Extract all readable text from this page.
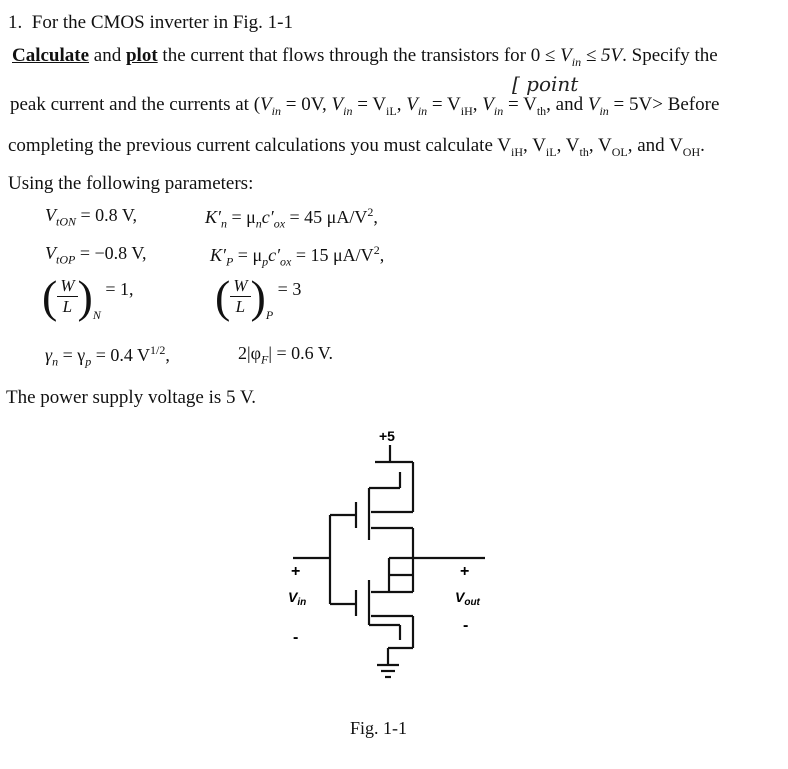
1. For the CMOS inverter in Fig. 1-1
Calculate and plot the current that flows through the transistors for $0 \le V_{in} \le 5V$. Specify the
[ point
peak current and the currents at ($V_{in} = 0V$, $V_{in} = V_{iL}$, $V_{in} = V_{iH}$, $V_{in} = V_{th}$, and $V_{in} = 5V>$ Before
completing the previous current calculations you must calculate $V_{iH}$, $V_{iL}$, $V_{th}$, $V_{OL}$, and $V_{OH}$.
Using the following parameters:
$V_{tON} = 0.8$ V,	$K'_n = \mu_nc'_{ox} = 45$ $\mu A/V^2$,
$V_{tOP} = -0.8$ V,	$K'_P = \mu_pc'_{ox} = 15$ $\mu A/V^2$,
( $\frac{W}{L} )_N = 1$, ( $\frac{W}{L} )_P = 3$
$\gamma_n = \gamma_p = 0.4$ $V^{1/2}$,	$2|\varphi_F| = 0.6$ V.
The power supply voltage is 5 V.
+5
+
$V_{in}$
-
+
$V_{out}$
-
Fig. 1-1
